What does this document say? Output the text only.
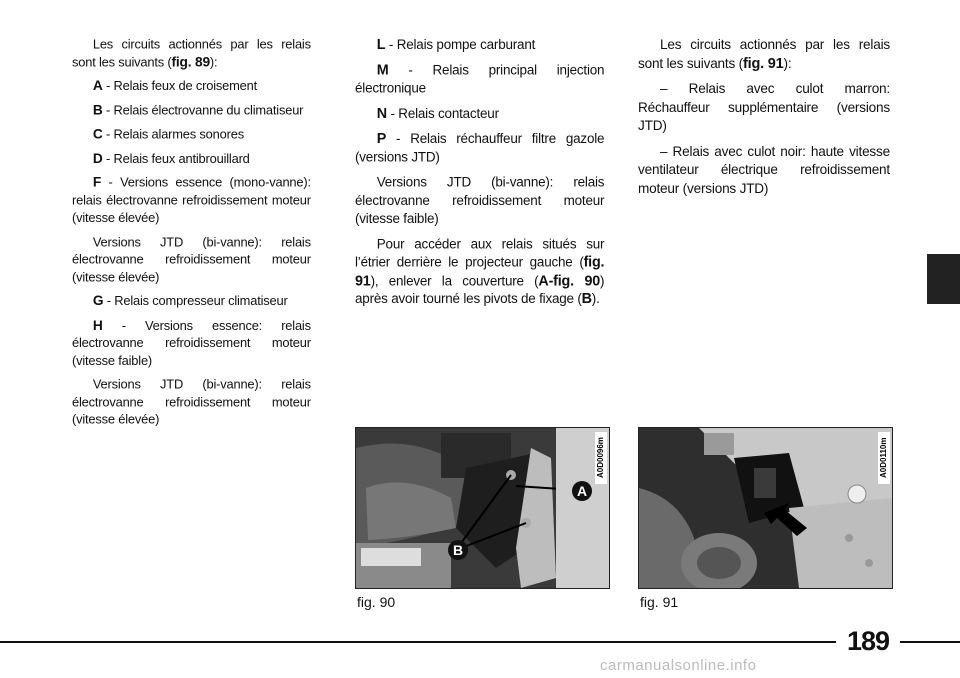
Les circuits actionnés par les relais sont les suivants (fig. 89):

A - Relais feux de croisement

B - Relais électrovanne du climatiseur

C - Relais alarmes sonores

D - Relais feux antibrouillard

F - Versions essence (mono-vanne): relais électrovanne refroidissement moteur (vitesse élevée)

Versions JTD (bi-vanne): relais électrovanne refroidissement moteur (vitesse élevée)

G - Relais compresseur climatiseur

H - Versions essence: relais électrovanne refroidissement moteur (vitesse faible)

Versions JTD (bi-vanne): relais électrovanne refroidissement moteur (vitesse élevée)

L - Relais pompe carburant

M - Relais principal injection électronique

N - Relais contacteur

P - Relais réchauffeur filtre gazole (versions JTD)

Versions JTD (bi-vanne): relais électrovanne refroidissement moteur (vitesse faible)

Pour accéder aux relais situés sur l’étrier derrière le projecteur gauche (fig. 91), enlever la couverture (A-fig. 90) après avoir tourné les pivots de fixage (B).

Les circuits actionnés par les relais sont les suivants (fig. 91):

– Relais avec culot marron: Réchauffeur supplémentaire (versions JTD)

– Relais avec culot noir: haute vitesse ventilateur électrique refroidissement moteur (versions JTD)

A
B
A0D0096m
fig. 90
A0D0110m
fig. 91
189
carmanualsonline.info
